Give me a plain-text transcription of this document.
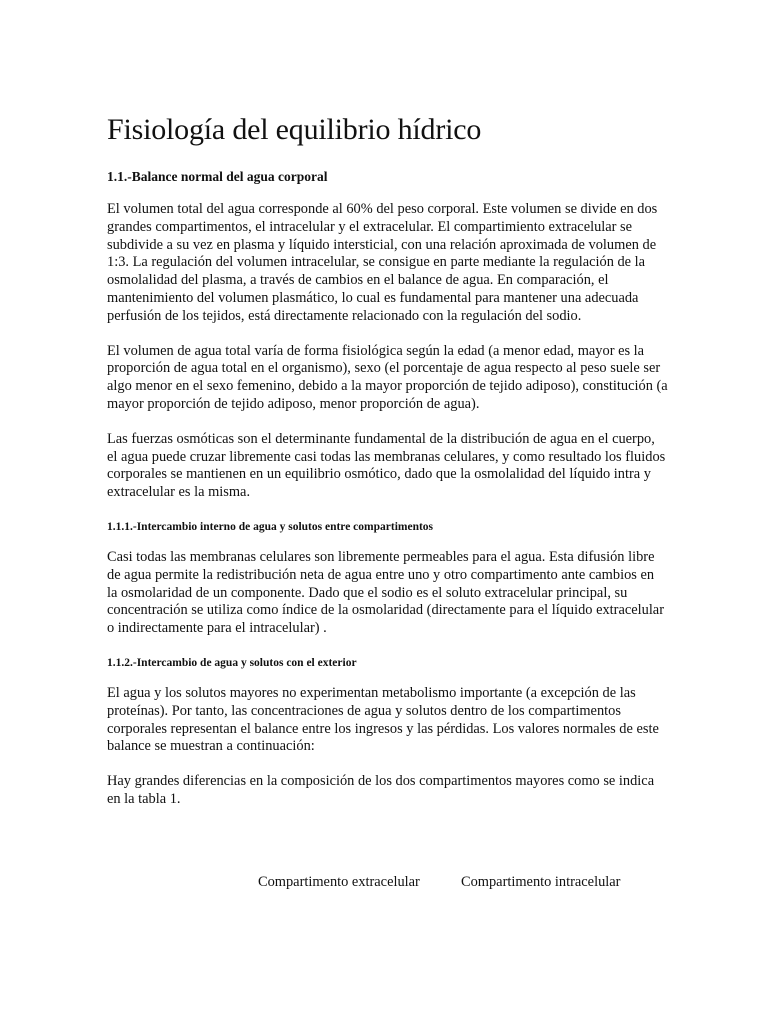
Fisiología del equilibrio hídrico
1.1.-Balance normal del agua corporal

El volumen total del agua corresponde al 60% del peso corporal. Este volumen se divide en dos grandes compartimentos, el intracelular y el extracelular. El compartimiento extracelular se subdivide a su vez en plasma y líquido intersticial, con una relación aproximada de volumen de 1:3. La regulación del volumen intracelular, se consigue en parte mediante la regulación de la osmolalidad del plasma, a través de cambios en el balance de agua. En comparación, el mantenimiento del volumen plasmático, lo cual es fundamental para mantener una adecuada perfusión de los tejidos, está directamente relacionado con la regulación del sodio.

El volumen de agua total varía de forma fisiológica según la edad (a menor edad, mayor es la proporción de agua total en el organismo), sexo (el porcentaje de agua respecto al peso suele ser algo menor en el sexo femenino, debido a la mayor proporción de tejido adiposo), constitución (a mayor proporción de tejido adiposo, menor proporción de agua).

Las fuerzas osmóticas son el determinante fundamental de la distribución de agua en el cuerpo, el agua puede cruzar libremente casi todas las membranas celulares, y como resultado los fluidos corporales se mantienen en un equilibrio osmótico, dado que la osmolalidad del líquido intra y extracelular es la misma.

1.1.1.-Intercambio interno de agua y solutos entre compartimentos

Casi todas las membranas celulares son libremente permeables para el agua. Esta difusión libre de agua permite la redistribución neta de agua entre uno y otro compartimento ante cambios en la osmolaridad de un componente. Dado que el sodio es el soluto extracelular principal, su concentración se utiliza como índice de la osmolaridad (directamente para el líquido extracelular o indirectamente para el intracelular) .

1.1.2.-Intercambio de agua y solutos con el exterior

El agua y los solutos mayores no experimentan metabolismo importante (a excepción de las proteínas). Por tanto, las concentraciones de agua y solutos dentro de los compartimentos corporales representan el balance entre los ingresos y las pérdidas. Los valores normales de este balance se muestran a continuación:

Hay grandes diferencias en la composición de los dos compartimentos mayores como se indica en la tabla 1.

Compartimento extracelular	Compartimento intracelular
